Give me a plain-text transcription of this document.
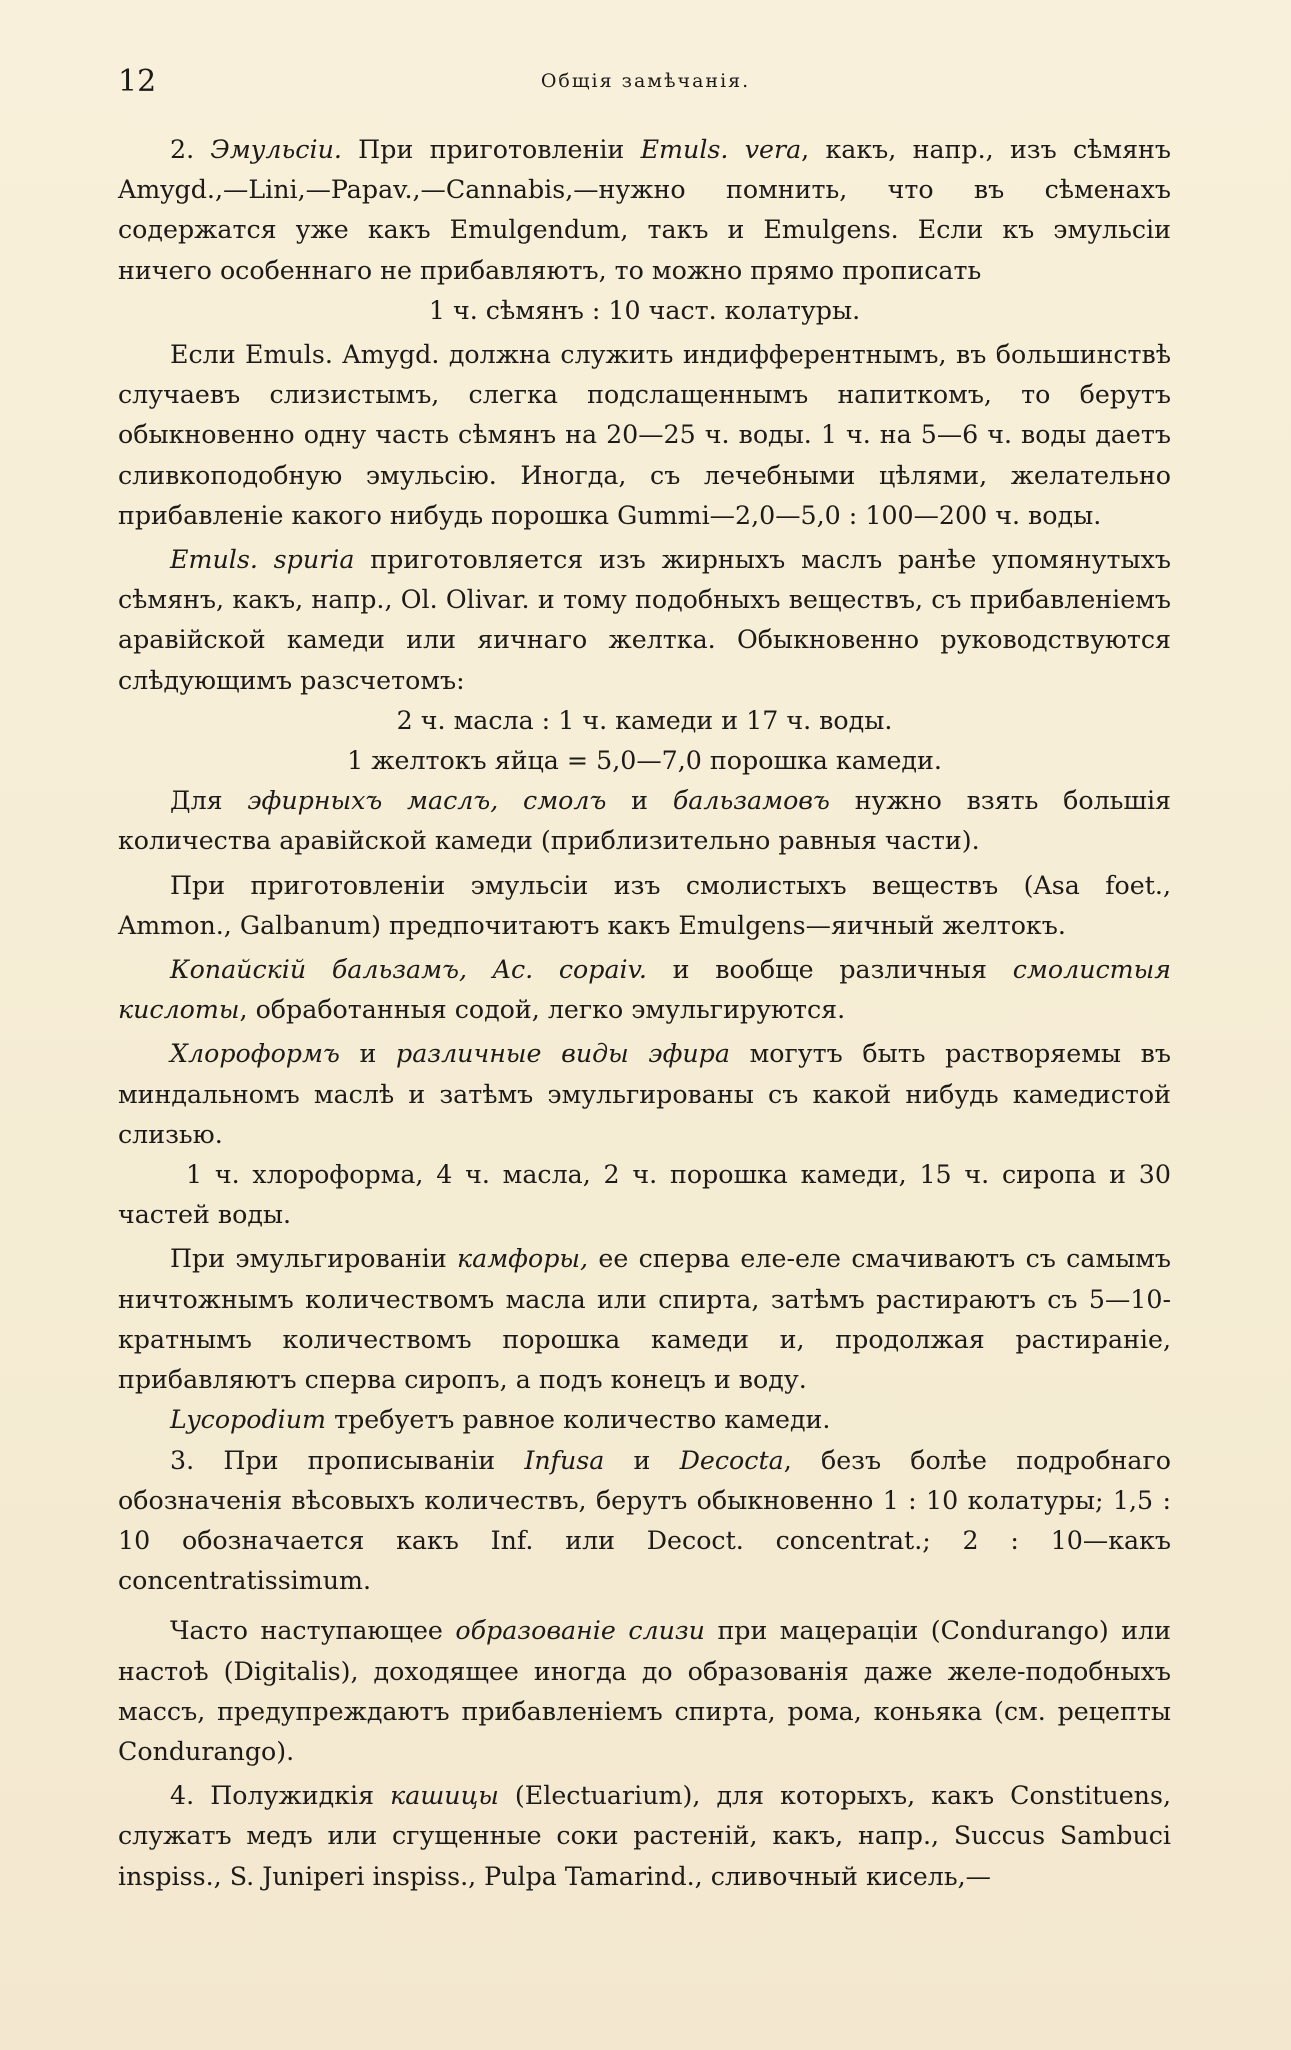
12	Общія замѣчанія.

2. Эмульсіи. При приготовленіи Emuls. vera, какъ, напр., изъ сѣмянъ Amygd.,—Lini,—Papav.,—Cannabis,—нужно помнить, что въ сѣменахъ содержатся уже какъ Emulgendum, такъ и Emulgens. Если къ эмульсіи ничего особеннаго не прибавляютъ, то можно прямо прописать

1 ч. сѣмянъ : 10 част. колатуры.

Если Emuls. Amygd. должна служить индифферентнымъ, въ большинствѣ случаевъ слизистымъ, слегка подслащеннымъ напиткомъ, то берутъ обыкновенно одну часть сѣмянъ на 20—25 ч. воды. 1 ч. на 5—6 ч. воды даетъ сливкоподобную эмульсію. Иногда, съ лечебными цѣлями, желательно прибавленіе какого нибудь порошка Gummi—2,0—5,0 : 100—200 ч. воды.

Emuls. spuria приготовляется изъ жирныхъ маслъ ранѣе упомянутыхъ сѣмянъ, какъ, напр., Ol. Olivar. и тому подобныхъ веществъ, съ прибавленіемъ аравійской камеди или яичнаго желтка. Обыкновенно руководствуются слѣдующимъ разсчетомъ:

2 ч. масла : 1 ч. камеди и 17 ч. воды.

1 желтокъ яйца = 5,0—7,0 порошка камеди.

Для эфирныхъ маслъ, смолъ и бальзамовъ нужно взять большія количества аравійской камеди (приблизительно равныя части).

При приготовленіи эмульсіи изъ смолистыхъ веществъ (Asa foet., Ammon., Galbanum) предпочитаютъ какъ Emulgens—яичный желтокъ.

Копайскій бальзамъ, Ac. copaiv. и вообще различныя смолистыя кислоты, обработанныя содой, легко эмульгируются.

Хлороформъ и различные виды эфира могутъ быть растворяемы въ миндальномъ маслѣ и затѣмъ эмульгированы съ какой нибудь камедистой слизью.

1 ч. хлороформа, 4 ч. масла, 2 ч. порошка камеди, 15 ч. сиропа и 30 частей воды.

При эмульгированіи камфоры, ее сперва еле-еле смачиваютъ съ самымъ ничтожнымъ количествомъ масла или спирта, затѣмъ растираютъ съ 5—10-кратнымъ количествомъ порошка камеди и, продолжая растираніе, прибавляютъ сперва сиропъ, а подъ конецъ и воду.

Lycopodium требуетъ равное количество камеди.

3. При прописываніи Infusa и Decocta, безъ болѣе подробнаго обозначенія вѣсовыхъ количествъ, берутъ обыкновенно 1 : 10 колатуры; 1,5 : 10 обозначается какъ Inf. или Decoct. concentrat.; 2 : 10—какъ concentratissimum.

Часто наступающее образованіе слизи при мацераціи (Condurango) или настоѣ (Digitalis), доходящее иногда до образованія даже желе-подобныхъ массъ, предупреждаютъ прибавленіемъ спирта, рома, коньяка (см. рецепты Condurango).

4. Полужидкія кашицы (Electuarium), для которыхъ, какъ Constituens, служатъ медъ или сгущенные соки растеній, какъ, напр., Succus Sambuci inspiss., S. Juniperi inspiss., Pulpa Tamarind., сливочный кисель,—
